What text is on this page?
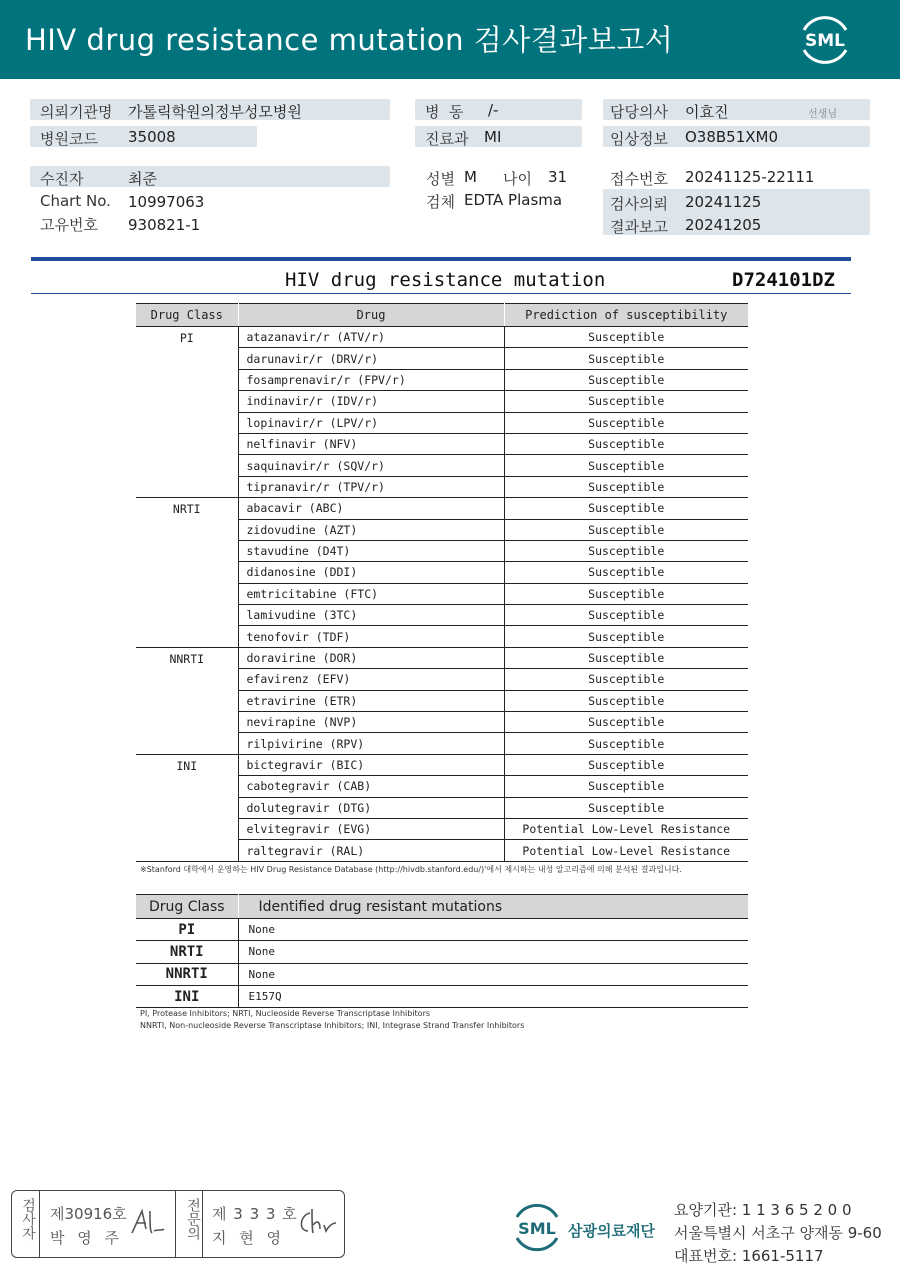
HIV drug resistance mutation 검사결과보고서	SML
의뢰기관명 가톨릭학원의정부성모병원
병원코드 35008
병  동 /-
진료과 MI
담당의사 이효진	선생님
임상정보 O38B51XM0
수진자	최준
Chart No. 10997063
고유번호 930821-1
성별 M 나이 31
검체 EDTA Plasma
접수번호 20241125-22111
검사의뢰 20241125
결과보고 20241205
HIV drug resistance mutation	D724101DZ
Drug Class	Drug	Prediction of susceptibility
PI	atazanavir/r (ATV/r)	Susceptible
	darunavir/r (DRV/r)	Susceptible
	fosamprenavir/r (FPV/r)	Susceptible
	indinavir/r (IDV/r)	Susceptible
	lopinavir/r (LPV/r)	Susceptible
	nelfinavir (NFV)	Susceptible
	saquinavir/r (SQV/r)	Susceptible
	tipranavir/r (TPV/r)	Susceptible
NRTI	abacavir (ABC)	Susceptible
	zidovudine (AZT)	Susceptible
	stavudine (D4T)	Susceptible
	didanosine (DDI)	Susceptible
	emtricitabine (FTC)	Susceptible
	lamivudine (3TC)	Susceptible
	tenofovir (TDF)	Susceptible
NNRTI	doravirine (DOR)	Susceptible
	efavirenz (EFV)	Susceptible
	etravirine (ETR)	Susceptible
	nevirapine (NVP)	Susceptible
	rilpivirine (RPV)	Susceptible
INI	bictegravir (BIC)	Susceptible
	cabotegravir (CAB)	Susceptible
	dolutegravir (DTG)	Susceptible
	elvitegravir (EVG)	Potential Low-Level Resistance
	raltegravir (RAL)	Potential Low-Level Resistance
※Stanford 대학에서 운영하는 HIV Drug Resistance Database (http://hivdb.stanford.edu/)'에서 제시하는 내성 알고리즘에 의해 분석된 결과입니다.
Drug Class	Identified drug resistant mutations
PI	None
NRTI	None
NNRTI	None
INI	E157Q
PI, Protease Inhibitors; NRTI, Nucleoside Reverse Transcriptase Inhibitors
NNRTI, Non-nucleoside Reverse Transcriptase Inhibitors; INI, Integrase Strand Transfer Inhibitors
검사자 제30916호
박 영 주	전문의 제 3 3 3 호
지 현 영	SML 삼광의료재단
요양기관: 1 1 3 6 5 2 0 0
서울특별시 서초구 양재동 9-60
대표번호: 1661-5117
